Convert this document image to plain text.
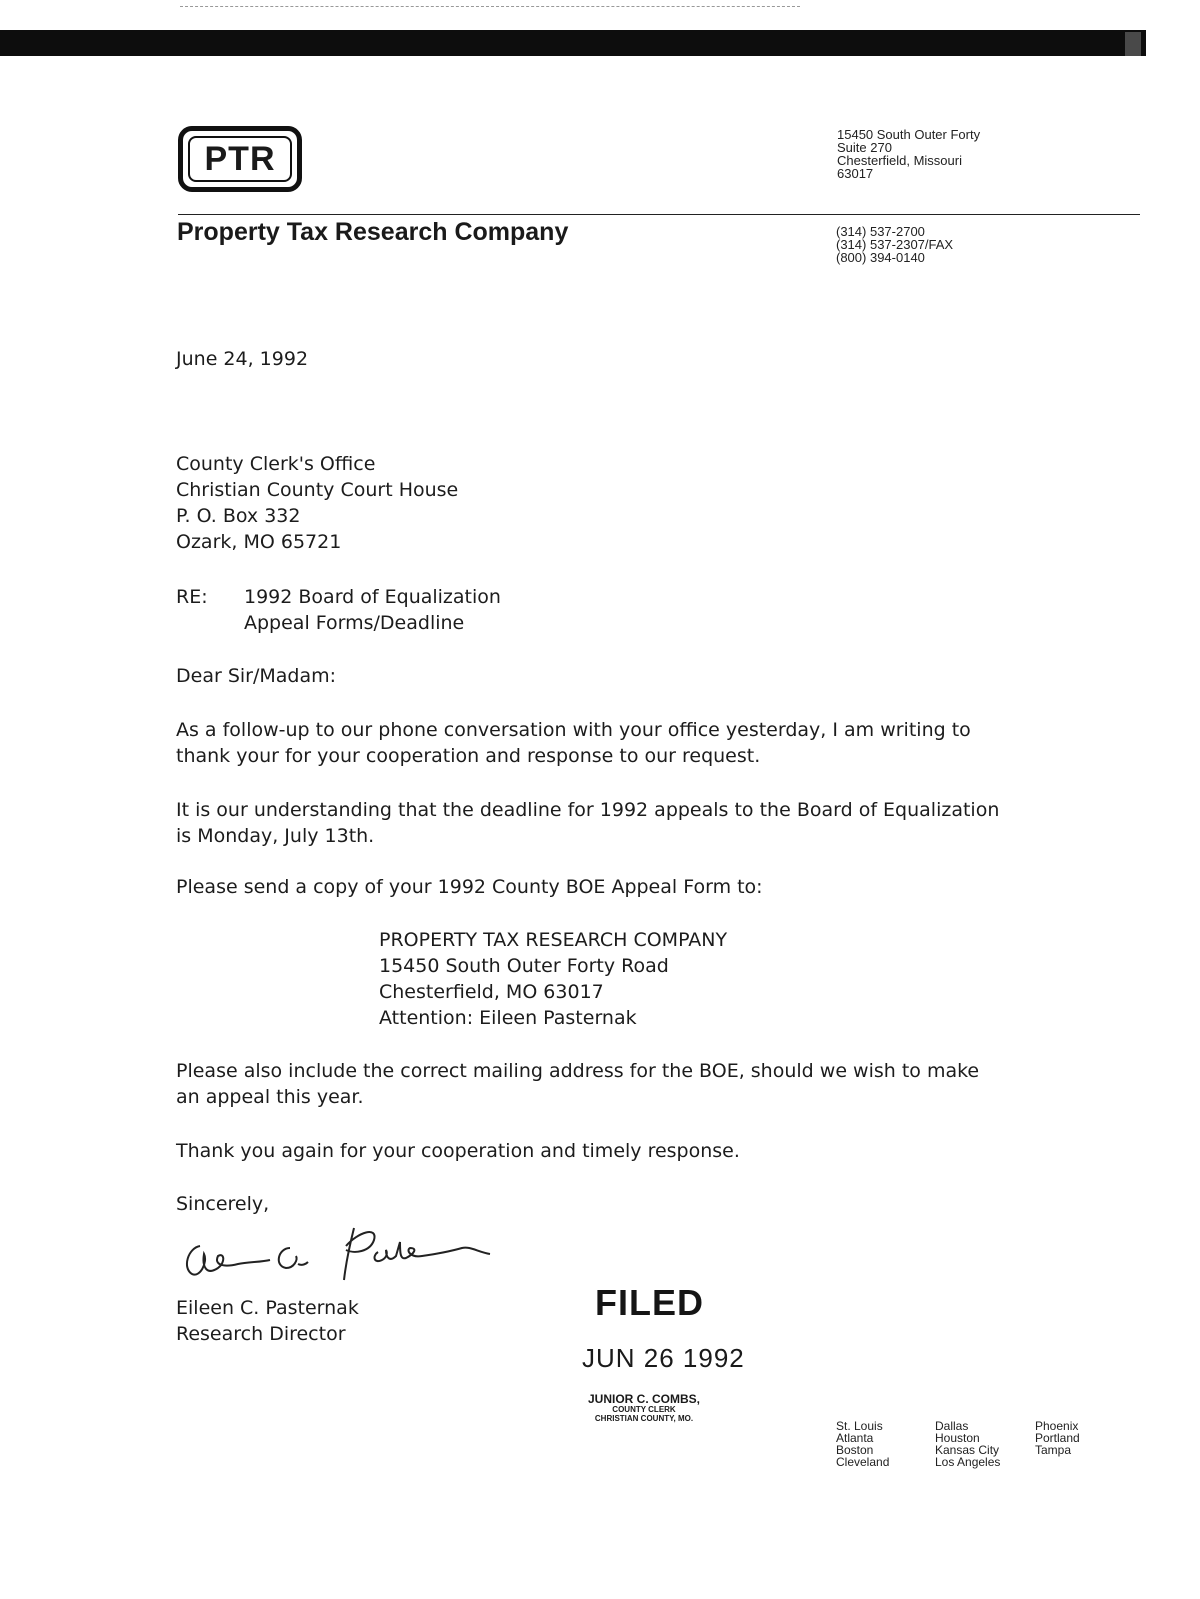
PTR
15450 South Outer Forty
Suite 270
Chesterfield, Missouri
63017
Property Tax Research Company	(314) 537-2700
(314) 537-2307/FAX
(800) 394-0140
June 24, 1992
County Clerk's Office
Christian County Court House
P. O. Box 332
Ozark, MO 65721
RE: 1992 Board of Equalization
Appeal Forms/Deadline
Dear Sir/Madam:
As a follow-up to our phone conversation with your office yesterday, I am writing to
thank your for your cooperation and response to our request.
It is our understanding that the deadline for 1992 appeals to the Board of Equalization
is Monday, July 13th.
Please send a copy of your 1992 County BOE Appeal Form to:
PROPERTY TAX RESEARCH COMPANY
15450 South Outer Forty Road
Chesterfield, MO 63017
Attention: Eileen Pasternak
Please also include the correct mailing address for the BOE, should we wish to make
an appeal this year.
Thank you again for your cooperation and timely response.
Sincerely,
Eileen C. Pasternak
Research Director
FILED
JUN 26 1992
JUNIOR C. COMBS,
COUNTY CLERK
CHRISTIAN COUNTY, MO.
St. Louis
Atlanta
Boston
Cleveland
Dallas
Houston
Kansas City
Los Angeles
Phoenix
Portland
Tampa
